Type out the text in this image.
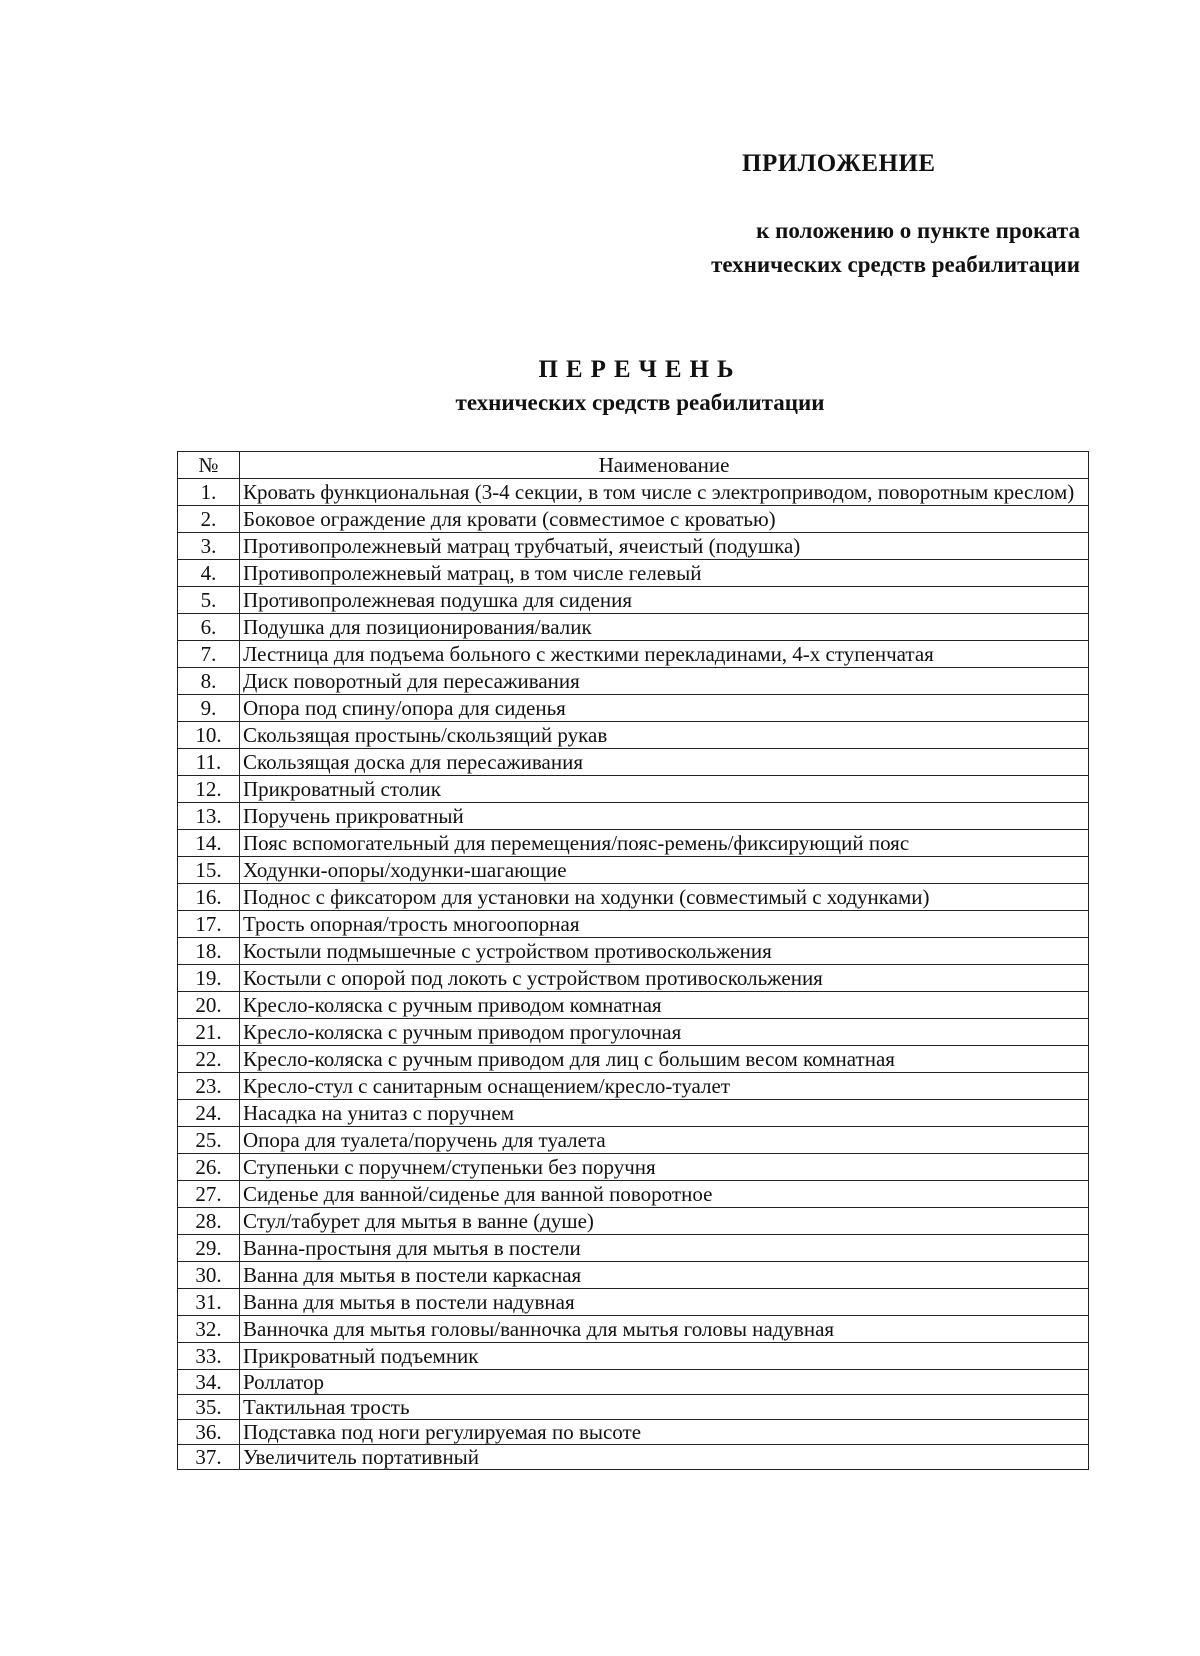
ПРИЛОЖЕНИЕ
к положению о пункте проката
технических средств реабилитации
ПЕРЕЧЕНЬ
технических средств реабилитации
№	Наименование
1.	Кровать функциональная (3-4 секции, в том числе с электроприводом, поворотным креслом)
2.	Боковое ограждение для кровати (совместимое с кроватью)
3.	Противопролежневый матрац трубчатый, ячеистый (подушка)
4.	Противопролежневый матрац, в том числе гелевый
5.	Противопролежневая подушка для сидения
6.	Подушка для позиционирования/валик
7.	Лестница для подъема больного с жесткими перекладинами, 4-х ступенчатая
8.	Диск поворотный для пересаживания
9.	Опора под спину/опора для сиденья
10.	Скользящая простынь/скользящий рукав
11.	Скользящая доска для пересаживания
12.	Прикроватный столик
13.	Поручень прикроватный
14.	Пояс вспомогательный для перемещения/пояс-ремень/фиксирующий пояс
15.	Ходунки-опоры/ходунки-шагающие
16.	Поднос с фиксатором для установки на ходунки (совместимый с ходунками)
17.	Трость опорная/трость многоопорная
18.	Костыли подмышечные с устройством противоскольжения
19.	Костыли с опорой под локоть с устройством противоскольжения
20.	Кресло-коляска с ручным приводом комнатная
21.	Кресло-коляска с ручным приводом прогулочная
22.	Кресло-коляска с ручным приводом для лиц с большим весом комнатная
23.	Кресло-стул с санитарным оснащением/кресло-туалет
24.	Насадка на унитаз с поручнем
25.	Опора для туалета/поручень для туалета
26.	Ступеньки с поручнем/ступеньки без поручня
27.	Сиденье для ванной/сиденье для ванной поворотное
28.	Стул/табурет для мытья в ванне (душе)
29.	Ванна-простыня для мытья в постели
30.	Ванна для мытья в постели каркасная
31.	Ванна для мытья в постели надувная
32.	Ванночка для мытья головы/ванночка для мытья головы надувная
33.	Прикроватный подъемник
34.	Роллатор
35.	Тактильная трость
36.	Подставка под ноги регулируемая по высоте
37.	Увеличитель портативный
